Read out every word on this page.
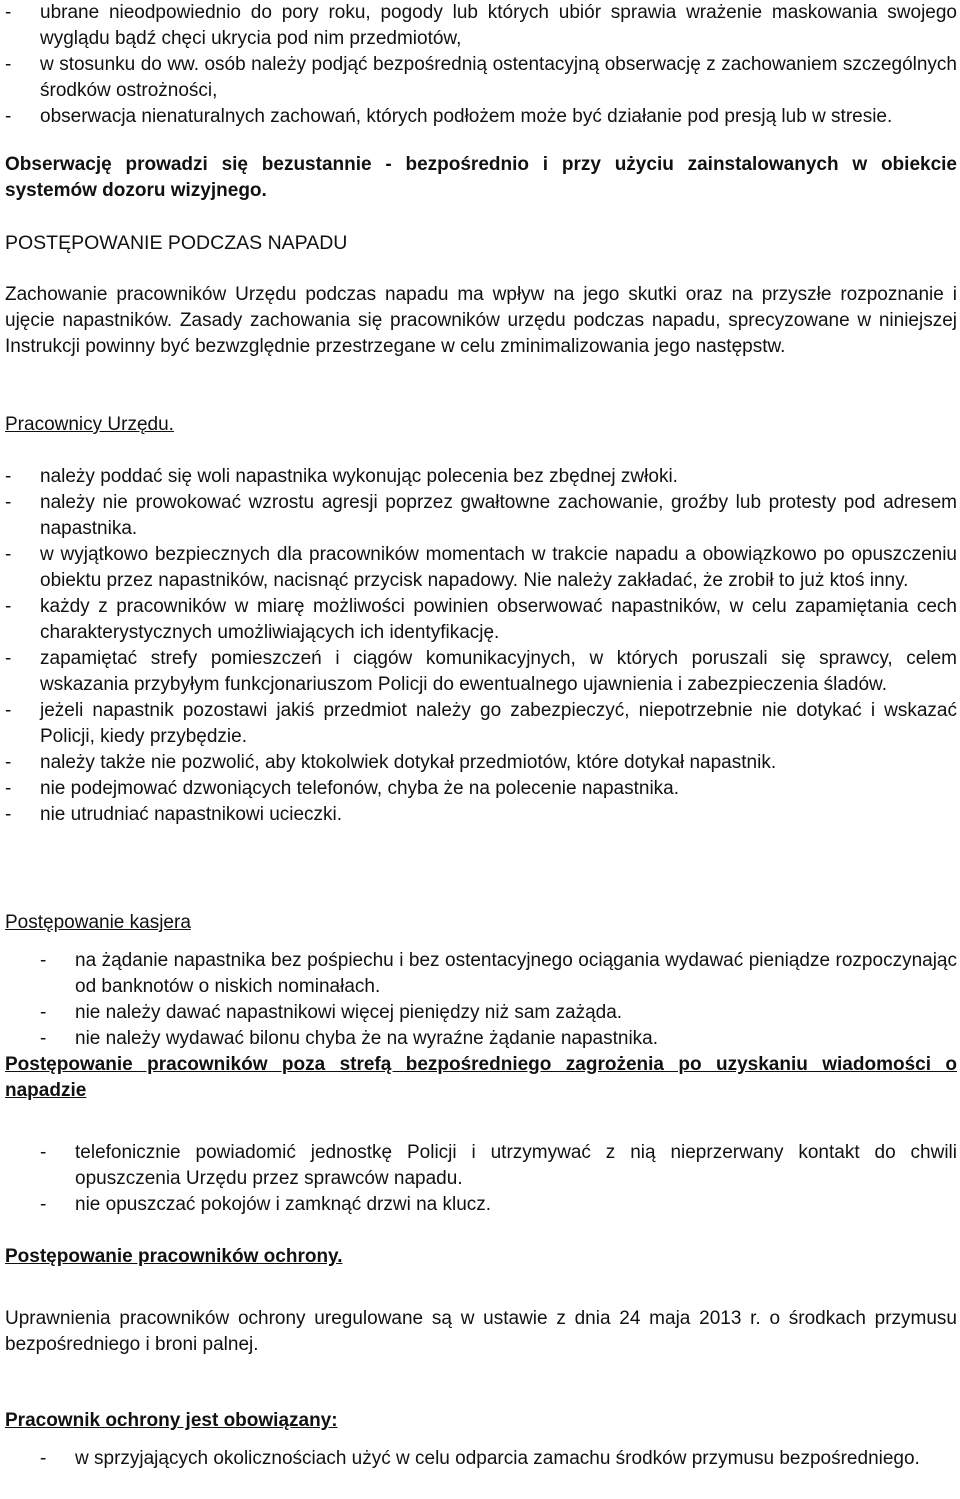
-	ubrane nieodpowiednio do pory roku, pogody lub których ubiór sprawia wrażenie maskowania swojego wyglądu bądź chęci ukrycia pod nim przedmiotów,
-	w stosunku do ww. osób należy podjąć bezpośrednią ostentacyjną obserwację z zachowaniem szczególnych środków ostrożności,
-	obserwacja nienaturalnych zachowań, których podłożem może być działanie pod presją lub w stresie.
Obserwację prowadzi się bezustannie - bezpośrednio i przy użyciu zainstalowanych w obiekcie systemów dozoru wizyjnego.
POSTĘPOWANIE PODCZAS NAPADU
Zachowanie pracowników Urzędu podczas napadu ma wpływ na jego skutki oraz na przyszłe rozpoznanie i ujęcie napastników. Zasady zachowania się pracowników urzędu podczas napadu, sprecyzowane w niniejszej Instrukcji powinny być bezwzględnie przestrzegane w celu zminimalizowania jego następstw.
Pracownicy Urzędu.
-	należy poddać się woli napastnika wykonując polecenia bez zbędnej zwłoki.
-	należy nie prowokować wzrostu agresji poprzez gwałtowne zachowanie, groźby lub protesty pod adresem napastnika.
-	w wyjątkowo bezpiecznych dla pracowników momentach w trakcie napadu a obowiązkowo po opuszczeniu obiektu przez napastników, nacisnąć przycisk napadowy. Nie należy zakładać, że zrobił to już ktoś inny.
-	każdy z pracowników w miarę możliwości powinien obserwować napastników, w celu zapamiętania cech charakterystycznych umożliwiających ich identyfikację.
-	zapamiętać strefy pomieszczeń i ciągów komunikacyjnych, w których poruszali się sprawcy, celem wskazania przybyłym funkcjonariuszom Policji do ewentualnego ujawnienia i zabezpieczenia śladów.
-	jeżeli napastnik pozostawi jakiś przedmiot należy go zabezpieczyć, niepotrzebnie nie dotykać i wskazać Policji, kiedy przybędzie.
-	należy także nie pozwolić, aby ktokolwiek dotykał przedmiotów, które dotykał napastnik.
-	nie podejmować dzwoniących telefonów, chyba że na polecenie napastnika.
-	nie utrudniać napastnikowi ucieczki.
Postępowanie kasjera
-	na żądanie napastnika bez pośpiechu i bez ostentacyjnego ociągania wydawać pieniądze rozpoczynając od banknotów o niskich nominałach.
-	nie należy dawać napastnikowi więcej pieniędzy niż sam zażąda.
-	nie należy wydawać bilonu chyba że na wyraźne żądanie napastnika.
Postępowanie pracowników poza strefą bezpośredniego zagrożenia po uzyskaniu wiadomości o napadzie
-	telefonicznie powiadomić jednostkę Policji i utrzymywać z nią nieprzerwany kontakt do chwili opuszczenia Urzędu przez sprawców napadu.
-	nie opuszczać pokojów i zamknąć drzwi na klucz.
Postępowanie pracowników ochrony.
Uprawnienia pracowników ochrony uregulowane są w ustawie z dnia 24 maja 2013 r. o środkach przymusu bezpośredniego i broni palnej.
Pracownik ochrony jest obowiązany:
-	w sprzyjających okolicznościach użyć w celu odparcia zamachu środków przymusu bezpośredniego.
